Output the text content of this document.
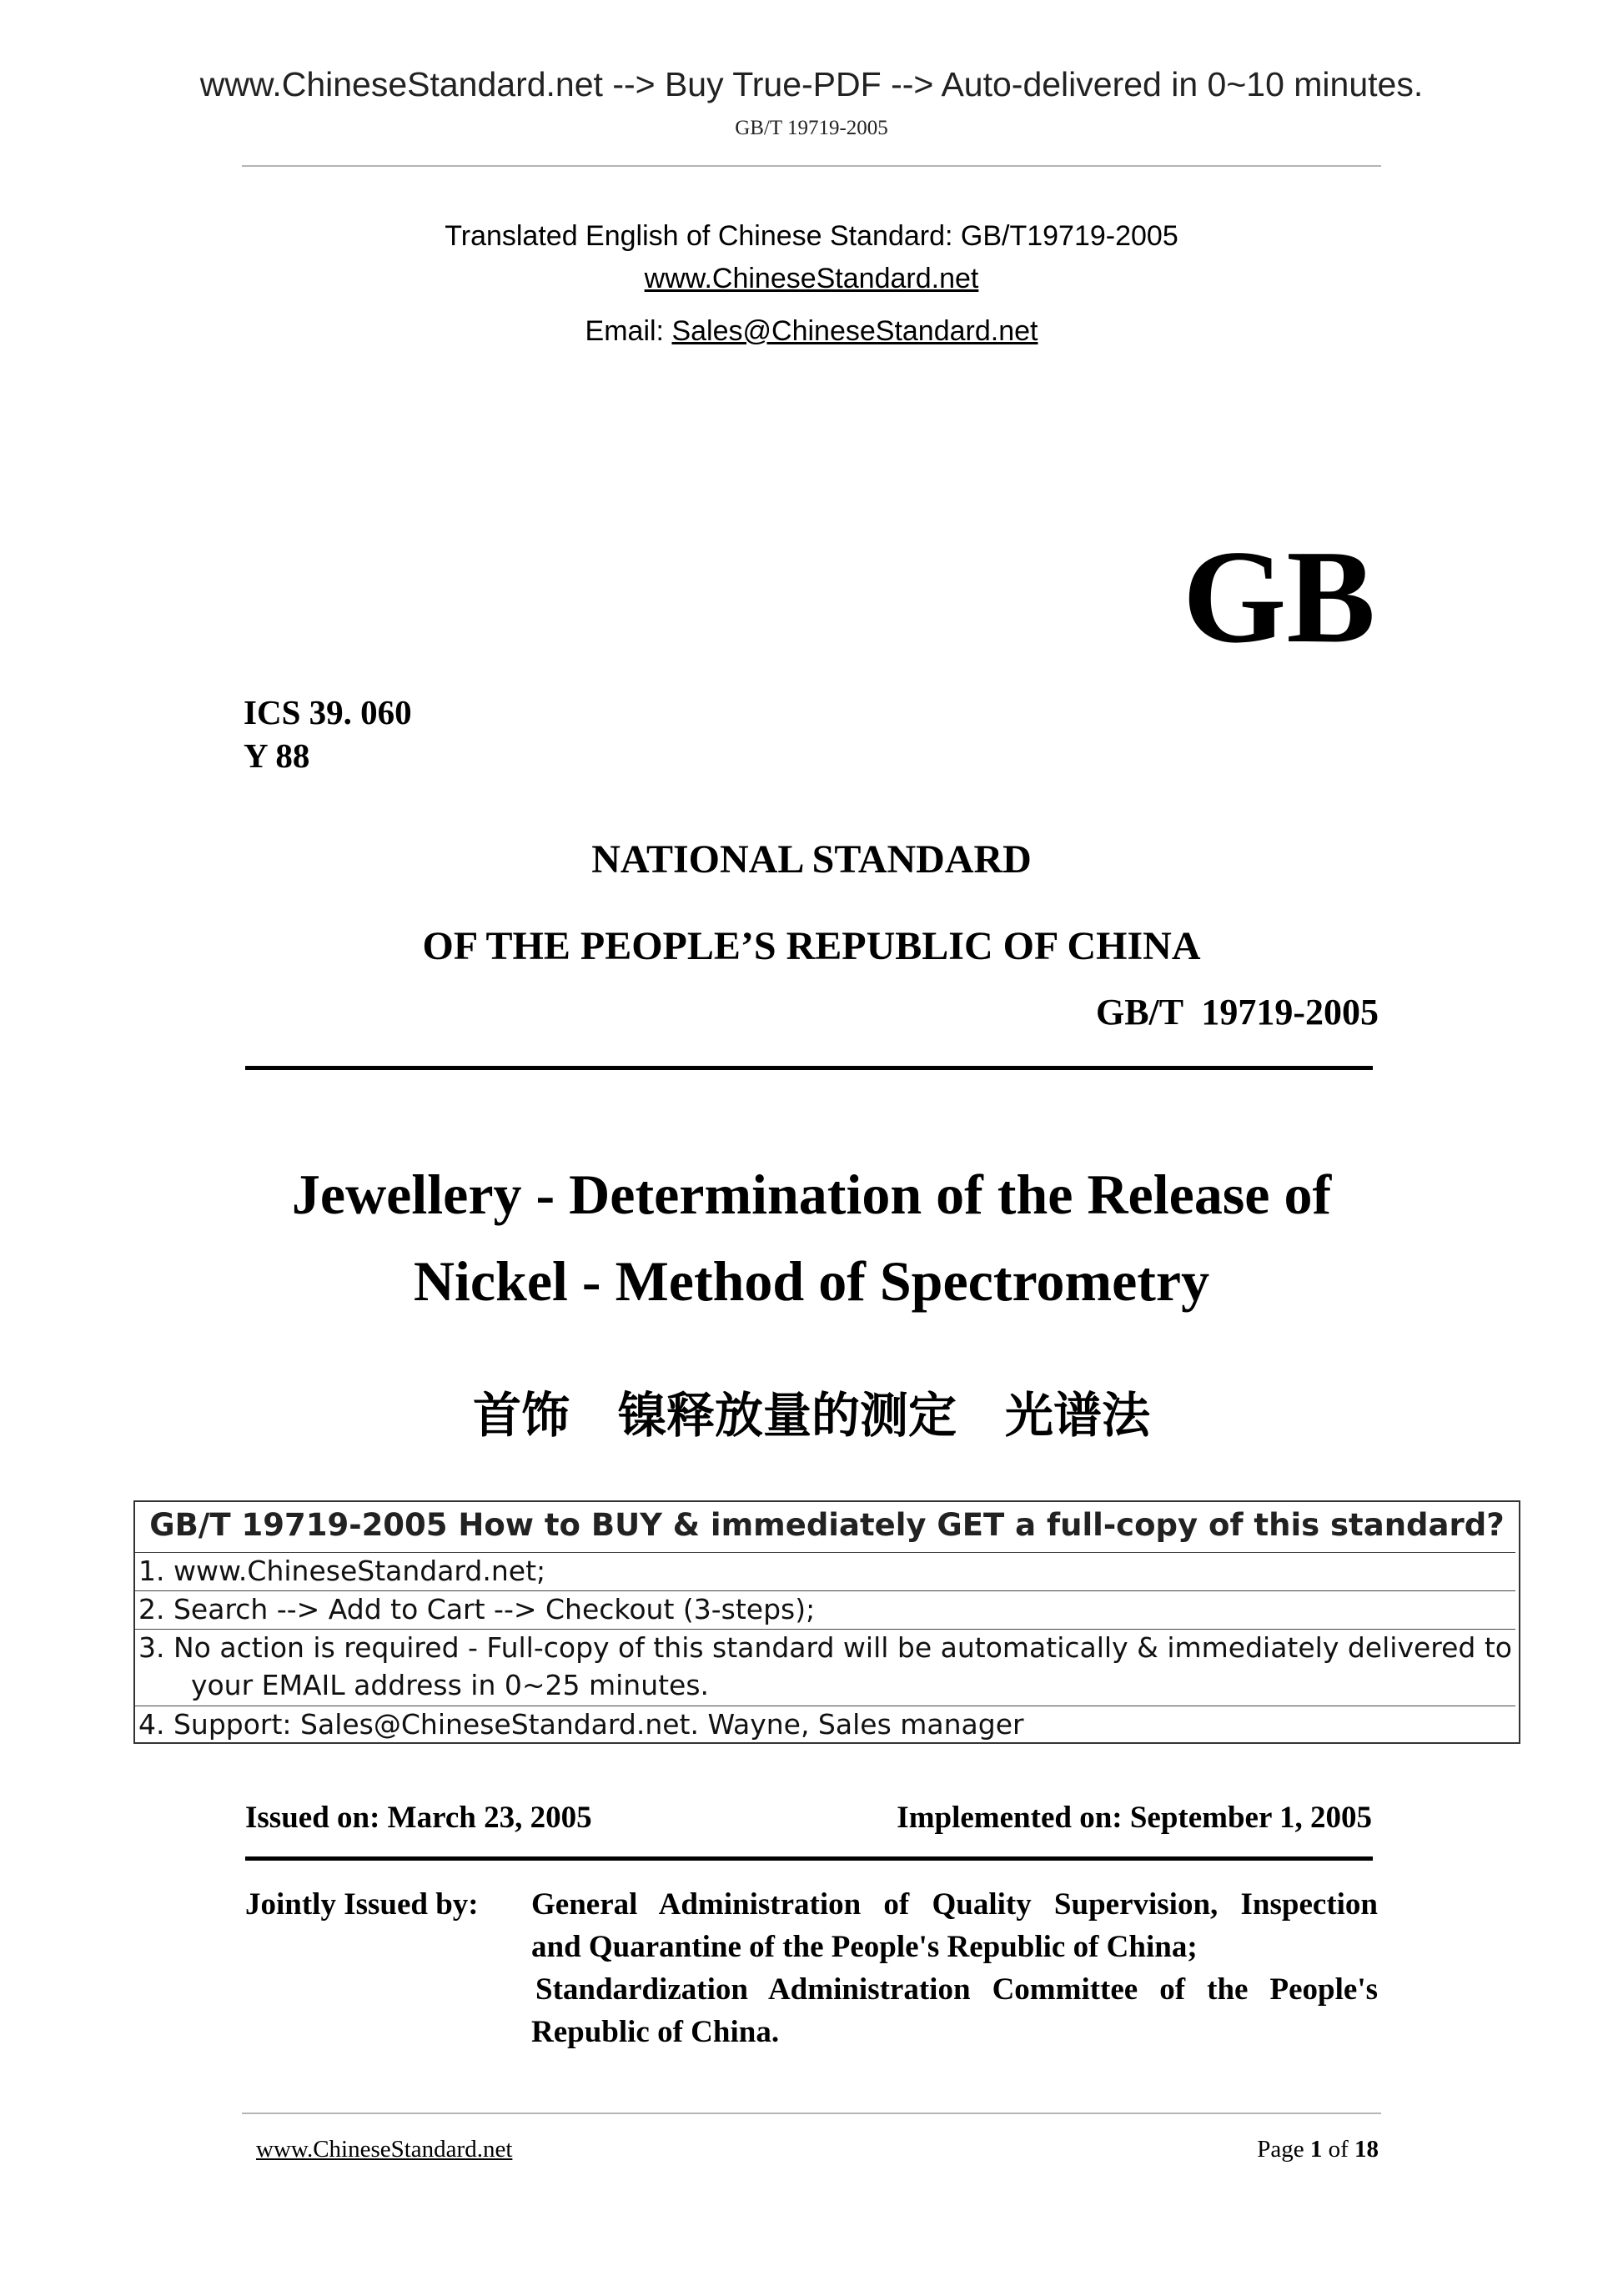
www.ChineseStandard.net --> Buy True-PDF --> Auto-delivered in 0~10 minutes.
GB/T 19719-2005
Translated English of Chinese Standard: GB/T19719-2005
www.ChineseStandard.net
Email: Sales@ChineseStandard.net
GB
ICS 39. 060
Y 88
NATIONAL STANDARD
OF THE PEOPLE’S REPUBLIC OF CHINA
GB/T  19719-2005
Jewellery - Determination of the Release of
Nickel - Method of Spectrometry
首饰　镍释放量的测定　光谱法
GB/T 19719-2005 How to BUY & immediately GET a full-copy of this standard?
1. www.ChineseStandard.net;
2. Search --> Add to Cart --> Checkout (3-steps);
3. No action is required - Full-copy of this standard will be automatically & immediately delivered to
your EMAIL address in 0~25 minutes.
4. Support: Sales@ChineseStandard.net. Wayne, Sales manager
Issued on: March 23, 2005	Implemented on: September 1, 2005
Jointly Issued by: General Administration of Quality Supervision, Inspection
and Quarantine of the People's Republic of China;
Standardization Administration Committee of the People's
Republic of China.
www.ChineseStandard.net	Page 1 of 18
